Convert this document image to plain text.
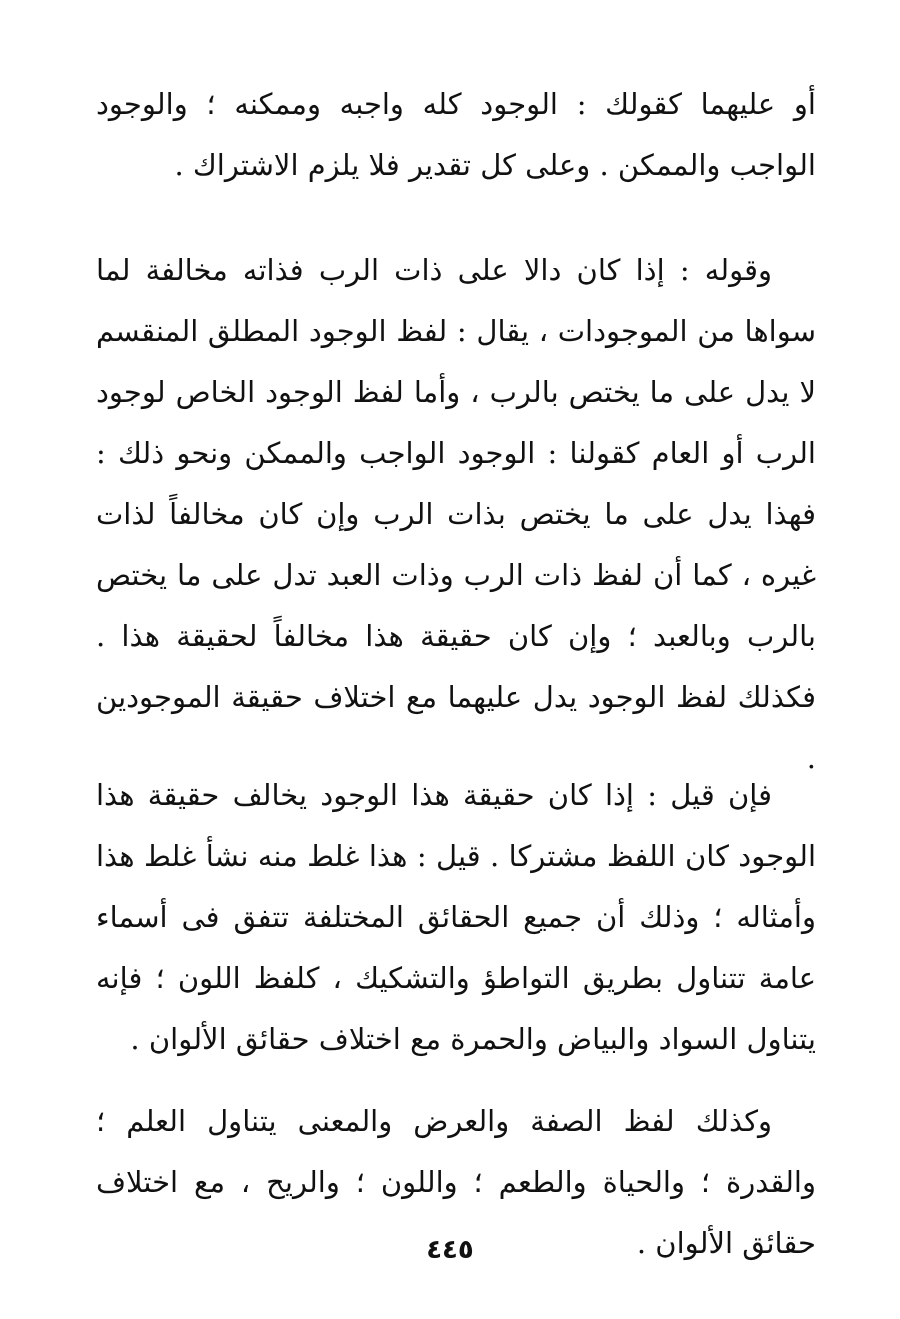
أو عليهما كقولك : الوجود كله واجبه وممكنه ؛ والوجود الواجب والممكن . وعلى كل تقدير فلا يلزم الاشتراك .

وقوله : إذا كان دالا على ذات الرب فذاته مخالفة لما سواها من الموجودات ، يقال : لفظ الوجود المطلق المنقسم لا يدل على ما يختص بالرب ، وأما لفظ الوجود الخاص لوجود الرب أو العام كقولنا : الوجود الواجب والممكن ونحو ذلك : فهذا يدل على ما يختص بذات الرب وإن كان مخالفاً لذات غيره ، كما أن لفظ ذات الرب وذات العبد تدل على ما يختص بالرب وبالعبد ؛ وإن كان حقيقة هذا مخالفاً لحقيقة هذا . فكذلك لفظ الوجود يدل عليهما مع اختلاف حقيقة الموجودين .

فإن قيل : إذا كان حقيقة هذا الوجود يخالف حقيقة هذا الوجود كان اللفظ مشتركا . قيل : هذا غلط منه نشأ غلط هذا وأمثاله ؛ وذلك أن جميع الحقائق المختلفة تتفق فى أسماء عامة تتناول بطريق التواطؤ والتشكيك ، كلفظ اللون ؛ فإنه يتناول السواد والبياض والحمرة مع اختلاف حقائق الألوان .

وكذلك لفظ الصفة والعرض والمعنى يتناول العلم ؛ والقدرة ؛ والحياة والطعم ؛ واللون ؛ والريح ، مع اختلاف حقائق الألوان .

٤٤٥
